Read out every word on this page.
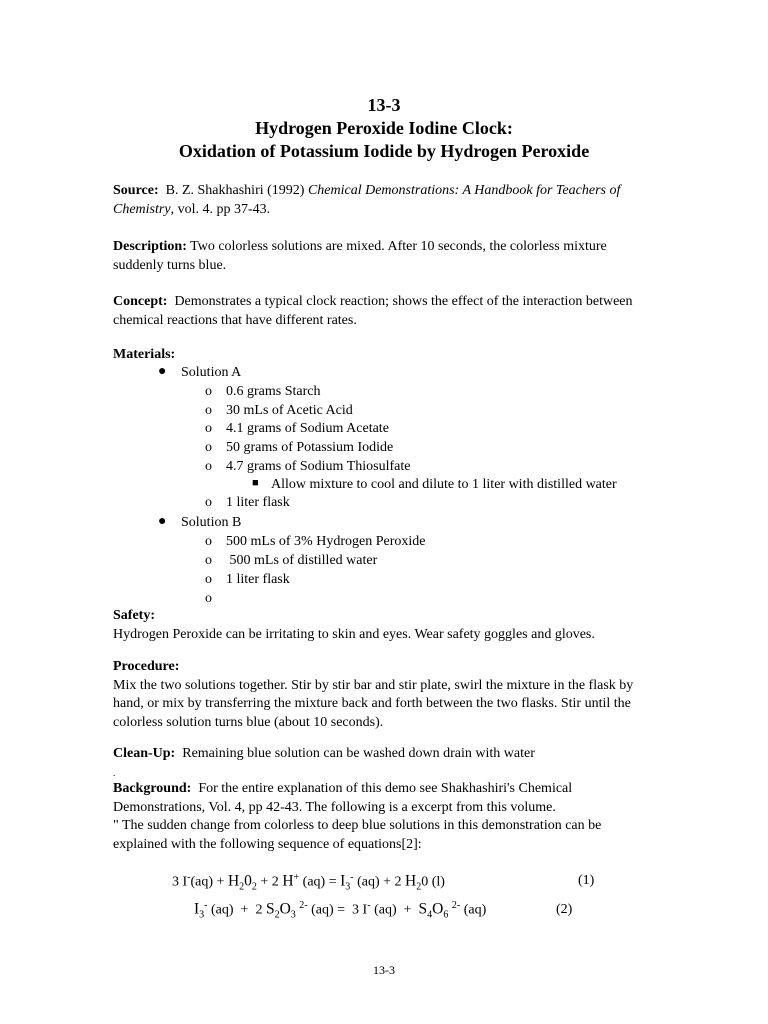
13-3
Hydrogen Peroxide Iodine Clock:
Oxidation of Potassium Iodide by Hydrogen Peroxide
Source: B. Z. Shakhashiri (1992) Chemical Demonstrations: A Handbook for Teachers of Chemistry, vol. 4. pp 37-43.
Description: Two colorless solutions are mixed. After 10 seconds, the colorless mixture suddenly turns blue.
Concept: Demonstrates a typical clock reaction; shows the effect of the interaction between chemical reactions that have different rates.
Materials:
● Solution A
o 0.6 grams Starch
o 30 mLs of Acetic Acid
o 4.1 grams of Sodium Acetate
o 50 grams of Potassium Iodide
o 4.7 grams of Sodium Thiosulfate
■ Allow mixture to cool and dilute to 1 liter with distilled water
o 1 liter flask
● Solution B
o 500 mLs of 3% Hydrogen Peroxide
o 500 mLs of distilled water
o 1 liter flask
o
Safety:
Hydrogen Peroxide can be irritating to skin and eyes. Wear safety goggles and gloves.
Procedure:
Mix the two solutions together. Stir by stir bar and stir plate, swirl the mixture in the flask by hand, or mix by transferring the mixture back and forth between the two flasks. Stir until the colorless solution turns blue (about 10 seconds).
Clean-Up: Remaining blue solution can be washed down drain with water
.
Background: For the entire explanation of this demo see Shakhashiri's Chemical Demonstrations, Vol. 4, pp 42-43. The following is a excerpt from this volume.
" The sudden change from colorless to deep blue solutions in this demonstration can be explained with the following sequence of equations[2]:
3 $I^-(aq) + H_20_2 + 2$ H+ $(aq) = I_3^-$ (aq) + 2 $H_20$ (l)	(1)
$I_3^-$ (aq)  +  2 $S_2O_3$ $^{2-}$ (aq) =  3 I- $(aq) + S_4O_6$ $^{2-}$ (aq)	(2)
13-3
